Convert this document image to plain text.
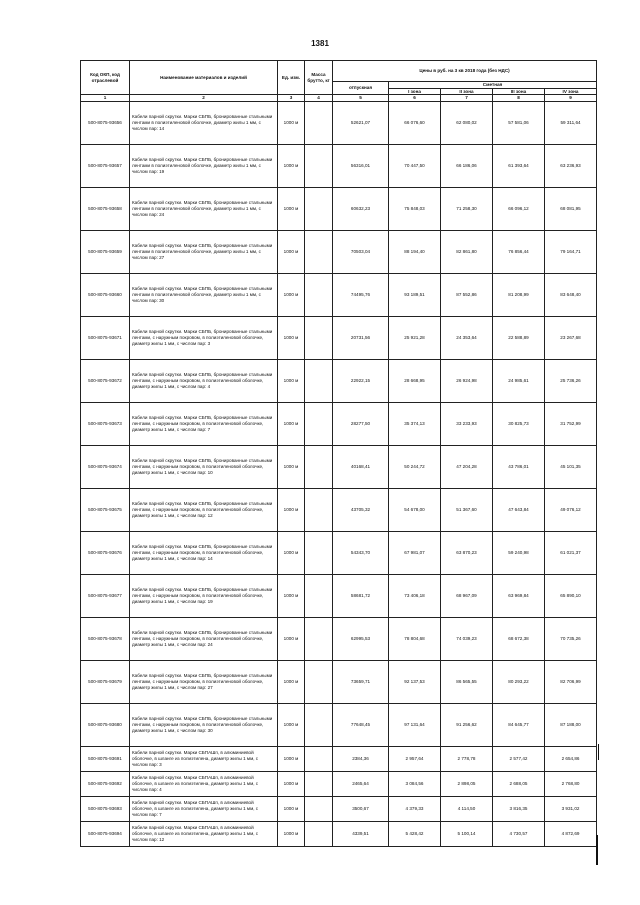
1381
Код ОКП, код отраслевой	Наименование материалов и изделий	Ед. изм.	Масса брутто, кг	Цены в руб. на 3 кв 2018 года (без НДС)				
				отпускная	Сметная			
					I зона	II зона	III зона	IV зона
1	2	3	4	5	6	7	8	9
500-8075-93656	Кабели парной скрутки. Марки СБПБ, бронированные стальными лентами в полиэтиленовой оболочке, диаметр жилы 1 мм, с числом пар: 14	1000 м		52621,07	66 076,60	62 080,02	57 581,06	59 311,64
500-8075-93657	Кабели парной скрутки. Марки СБПБ, бронированные стальными лентами в полиэтиленовой оболочке, диаметр жилы 1 мм, с числом пар: 19	1000 м		56316,01	70 447,50	66 186,06	61 393,64	63 236,93
500-8075-93658	Кабели парной скрутки. Марки СБПБ, бронированные стальными лентами в полиэтиленовой оболочке, диаметр жилы 1 мм, с числом пар: 24	1000 м		60632,23	75 848,03	71 258,30	66 096,12	68 081,95
500-8075-93659	Кабели парной скрутки. Марки СБПБ, бронированные стальными лентами в полиэтиленовой оболочке, диаметр жилы 1 мм, с числом пар: 27	1000 м		70503,04	88 194,40	82 861,80	76 856,44	79 164,71
500-8075-93660	Кабели парной скрутки. Марки СБПБ, бронированные стальными лентами в полиэтиленовой оболочке, диаметр жилы 1 мм, с числом пар: 30	1000 м		74495,76	93 189,51	87 552,86	81 208,99	83 648,40
500-8075-93671	Кабели парной скрутки. Марки СБПБ, бронированные стальными лентами, с наружным покровом, в полиэтиленовой оболочке, диаметр жилы 1 мм, с числом пар: 3	1000 м		20731,56	25 921,28	24 353,64	22 588,89	23 267,68
500-8075-93672	Кабели парной скрутки. Марки СБПБ, бронированные стальными лентами, с наружным покровом, в полиэтиленовой оболочке, диаметр жилы 1 мм, с числом пар: 4	1000 м		22922,15	28 668,95	26 924,98	24 985,61	25 736,26
500-8075-93673	Кабели парной скрутки. Марки СБПБ, бронированные стальными лентами, с наружным покровом, в полиэтиленовой оболочке, диаметр жилы 1 мм, с числом пар: 7	1000 м		28277,50	35 374,13	33 233,93	30 825,73	31 752,99
500-8075-93674	Кабели парной скрутки. Марки СБПБ, бронированные стальными лентами, с наружным покровом, в полиэтиленовой оболочке, диаметр жилы 1 мм, с числом пар: 10	1000 м		40168,41	50 244,72	47 204,28	43 786,01	45 101,35
500-8075-93675	Кабели парной скрутки. Марки СБПБ, бронированные стальными лентами, с наружным покровом, в полиэтиленовой оболочке, диаметр жилы 1 мм, с числом пар: 12	1000 м		43705,32	54 678,00	51 367,60	47 643,84	49 076,12
500-8075-93676	Кабели парной скрутки. Марки СБПБ, бронированные стальными лентами, с наружным покровом, в полиэтиленовой оболочке, диаметр жилы 1 мм, с числом пар: 14	1000 м		54343,70	67 981,07	63 870,23	59 240,98	61 021,37
500-8075-93677	Кабели парной скрутки. Марки СБПБ, бронированные стальными лентами, с наружным покровом, в полиэтиленовой оболочке, диаметр жилы 1 мм, с числом пар: 19	1000 м		58681,72	73 406,18	68 967,09	63 969,84	65 890,10
500-8075-93678	Кабели парной скрутки. Марки СБПБ, бронированные стальными лентами, с наружным покровом, в полиэтиленовой оболочке, диаметр жилы 1 мм, с числом пар: 24	1000 м		62995,53	78 804,68	74 039,23	68 672,38	70 735,26
500-8075-93679	Кабели парной скрутки. Марки СБПБ, бронированные стальными лентами, с наружным покровом, в полиэтиленовой оболочке, диаметр жилы 1 мм, с числом пар: 27	1000 м		73659,71	92 137,53	86 565,55	80 293,22	82 706,99
500-8075-93680	Кабели парной скрутки. Марки СБПБ, бронированные стальными лентами, с наружным покровом, в полиэтиленовой оболочке, диаметр жилы 1 мм, с числом пар: 30	1000 м		77648,45	97 131,64	91 256,62	84 645,77	87 188,00
500-8075-93691	Кабели парной скрутки. Марки СБПАШп, в алюминиевой оболочке, в шланге из полиэтилена, диаметр жилы 1 мм, с числом пар: 3	1000 м		2384,36	2 957,64	2 778,78	2 577,42	2 654,86
500-8075-93692	Кабели парной скрутки. Марки СБПАШп, в алюминиевой оболочке, в шланге из полиэтилена, диаметр жилы 1 мм, с числом пар: 4	1000 м		2465,64	3 084,56	2 898,05	2 688,05	2 768,80
500-8075-93693	Кабели парной скрутки. Марки СБПАШп, в алюминиевой оболочке, в шланге из полиэтилена, диаметр жилы 1 мм, с числом пар: 7	1000 м		3500,67	4 379,33	4 114,50	3 816,35	3 931,02
500-8075-93694	Кабели парной скрутки. Марки СБПАШп, в алюминиевой оболочке, в шланге из полиэтилена, диаметр жилы 1 мм, с числом пар: 12	1000 м		4339,51	5 428,42	5 100,14	4 730,57	4 872,69
